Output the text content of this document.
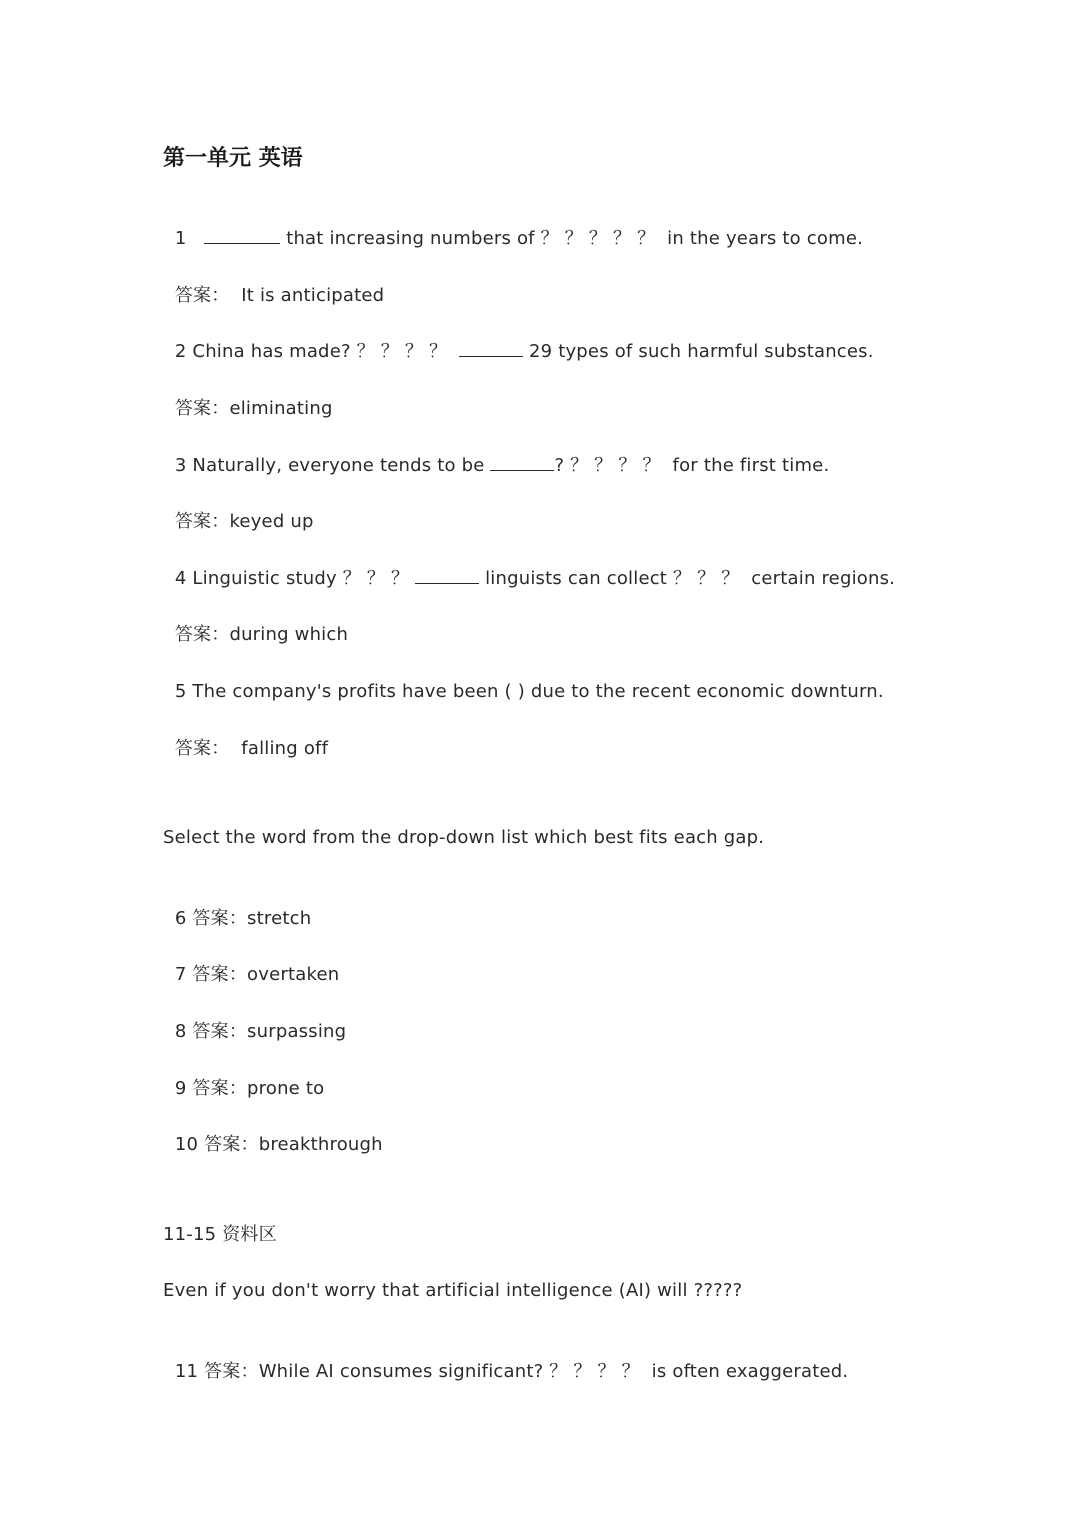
第一单元 英语

1	that increasing numbers of ？ ？ ？ ？ ？  in the years to come.

答案： It is anticipated

2 China has made? ？ ？ ？ ？	29 types of such harmful substances.

答案：eliminating

3 Naturally, everyone tends to be	? ？ ？ ？ ？  for the first time.

答案：keyed up

4 Linguistic study ？ ？ ？	linguists can collect ？ ？ ？  certain regions.

答案：during which

5 The company's profits have been ( ) due to the recent economic downturn.

答案： falling off

Select the word from the drop-down list which best fits each gap.

6 答案：stretch

7 答案：overtaken

8 答案：surpassing

9 答案：prone to

10 答案：breakthrough

11-15 资料区
Even if you don't worry that artificial intelligence (AI) will ?????

11 答案：While AI consumes significant? ？ ？ ？ ？  is often exaggerated.
